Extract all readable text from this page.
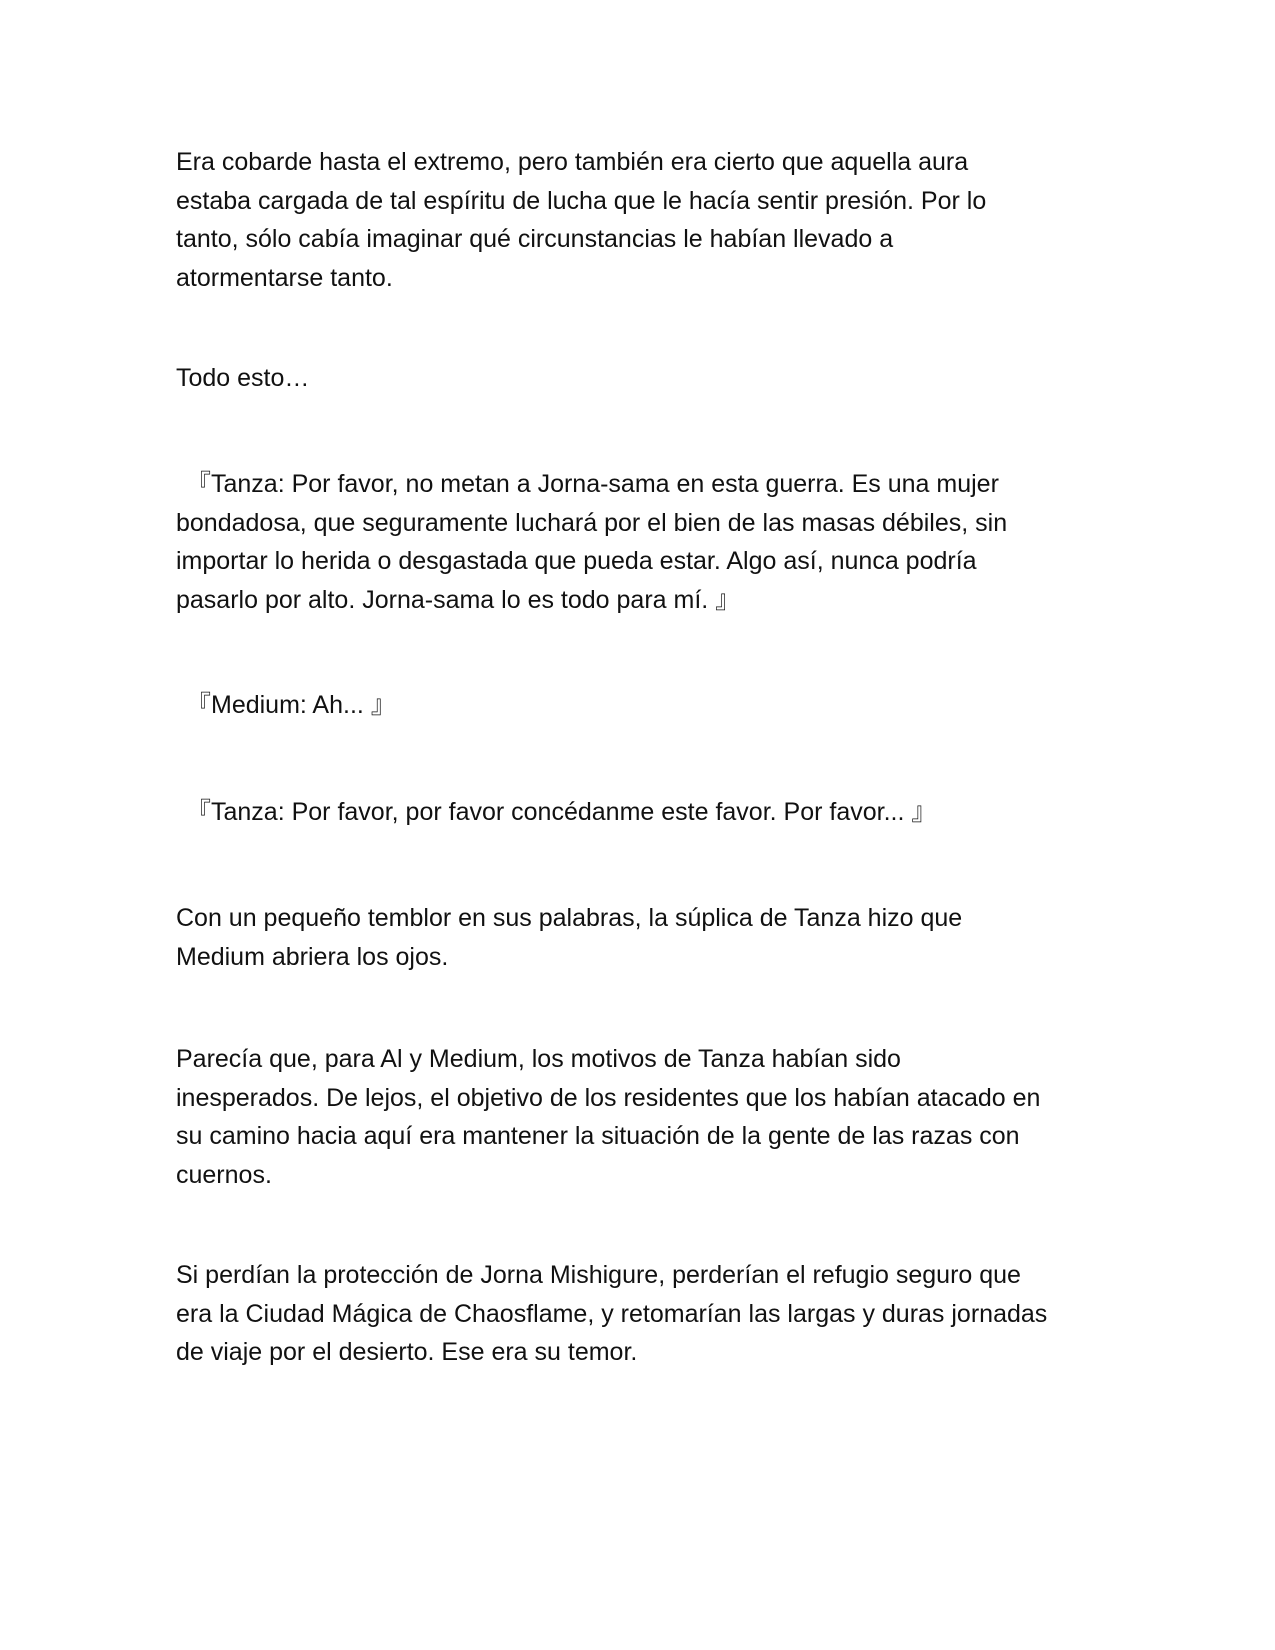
Era cobarde hasta el extremo, pero también era cierto que aquella aura
estaba cargada de tal espíritu de lucha que le hacía sentir presión. Por lo
tanto, sólo cabía imaginar qué circunstancias le habían llevado a
atormentarse tanto.

Todo esto…

『Tanza: Por favor, no metan a Jorna-sama en esta guerra. Es una mujer
bondadosa, que seguramente luchará por el bien de las masas débiles, sin
importar lo herida o desgastada que pueda estar. Algo así, nunca podría
pasarlo por alto. Jorna-sama lo es todo para mí. 』

『Medium: Ah... 』

『Tanza: Por favor, por favor concédanme este favor. Por favor... 』

Con un pequeño temblor en sus palabras, la súplica de Tanza hizo que
Medium abriera los ojos.

Parecía que, para Al y Medium, los motivos de Tanza habían sido
inesperados. De lejos, el objetivo de los residentes que los habían atacado en
su camino hacia aquí era mantener la situación de la gente de las razas con
cuernos.

Si perdían la protección de Jorna Mishigure, perderían el refugio seguro que
era la Ciudad Mágica de Chaosflame, y retomarían las largas y duras jornadas
de viaje por el desierto. Ese era su temor.
